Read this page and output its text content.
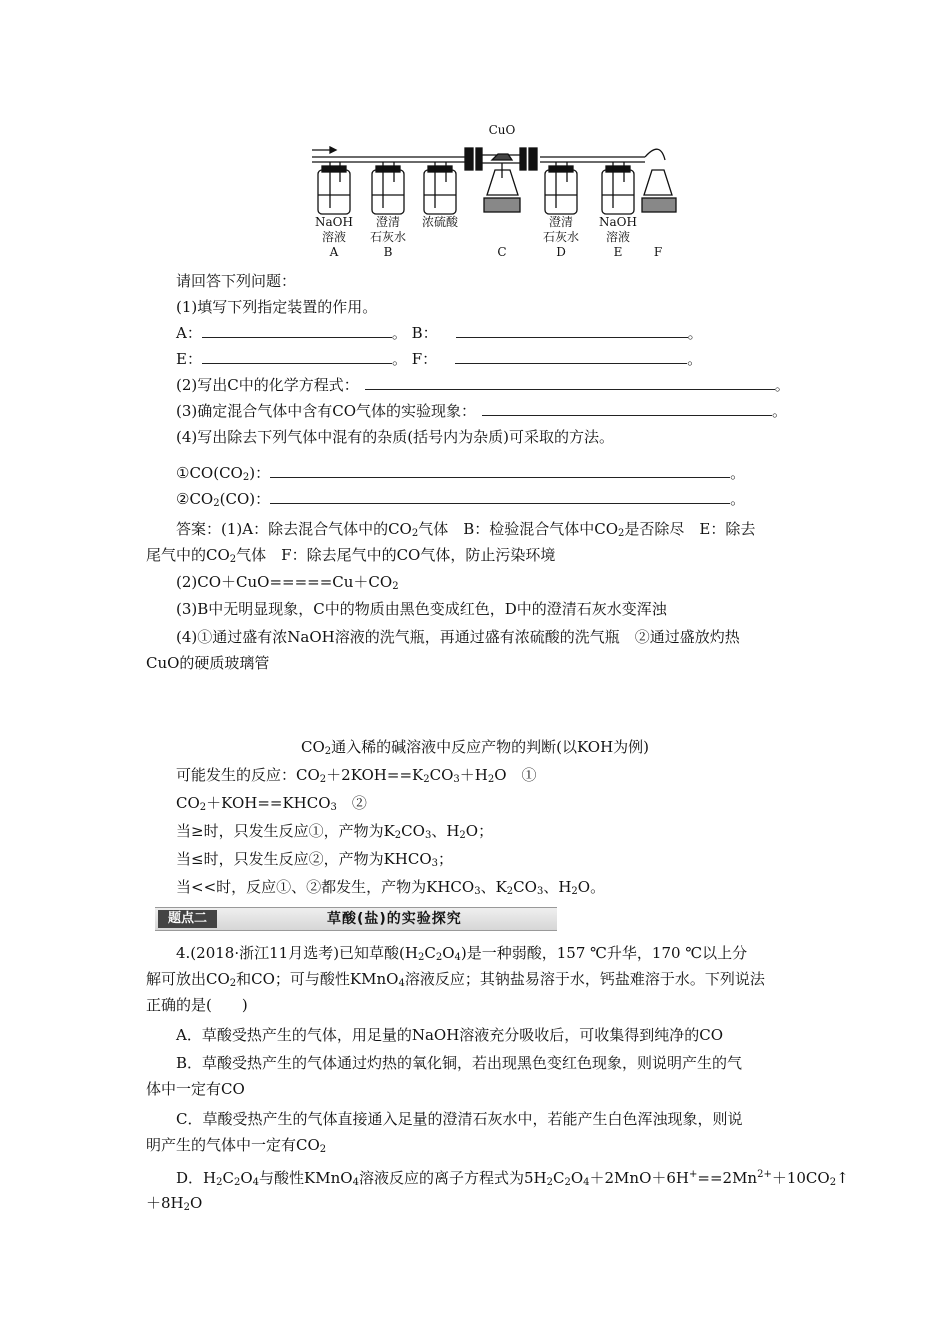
CuO
NaOH
溶液
A
澄清
石灰水
B
浓硫酸
C
澄清
石灰水
D
NaOH
溶液
E	F
请回答下列问题：
(1)填写下列指定装置的作用。
A：	。 B：	。
E：	。 F：	。
(2)写出C中的化学方程式：	。
(3)确定混合气体中含有CO气体的实验现象：	。
(4)写出除去下列气体中混有的杂质(括号内为杂质)可采取的方法。
$①CO(CO_2)$：	。
$②CO_2(CO)$：	。
答案：(1)A：除去混合气体中的$CO_2$气体　B：检验混合气体中$CO_2$是否除尽　E：除去
尾气中的$CO_2$气体　F：除去尾气中的CO气体，防止污染环境
$(2)CO+CuO=====Cu+CO_2$
(3)B中无明显现象，C中的物质由黑色变成红色，D中的澄清石灰水变浑浊
(4)①通过盛有浓NaOH溶液的洗气瓶，再通过盛有浓硫酸的洗气瓶　②通过盛放灼热
CuO的硬质玻璃管
$CO_2$通入稀的碱溶液中反应产物的判断(以KOH为例)
可能发生的反应：$CO_2+2KOH==K_2CO_3+H_2O$　①
$CO_2+KOH==KHCO_3$　②
当≥时，只发生反应①，产物为$K_2CO_3$、$H_2O$；
当≤时，只发生反应②，产物为$KHCO_3$；
当<<时，反应①、②都发生，产物为$KHCO_3$、$K_2CO_3$、$H_2O$。
题点二	草酸(盐)的实验探究
4.(2018·浙江11月选考)已知草酸$(H_2C_2O_4)$是一种弱酸，157 ℃升华，170 ℃以上分
解可放出$CO_2$和CO；可与酸性KMnO$_4$溶液反应；其钠盐易溶于水，钙盐难溶于水。下列说法
正确的是(　　)
A．草酸受热产生的气体，用足量的NaOH溶液充分吸收后，可收集得到纯净的CO
B．草酸受热产生的气体通过灼热的氧化铜，若出现黑色变红色现象，则说明产生的气
体中一定有CO
C．草酸受热产生的气体直接通入足量的澄清石灰水中，若能产生白色浑浊现象，则说
明产生的气体中一定有$CO_2$
D．$H_2C_2O_4$与酸性KMnO$_4$溶液反应的离子方程式为$5H_2C_2O_4+2MnO+6H^+==2Mn^{2+}+10CO_2↑$
$+8H_2O$
